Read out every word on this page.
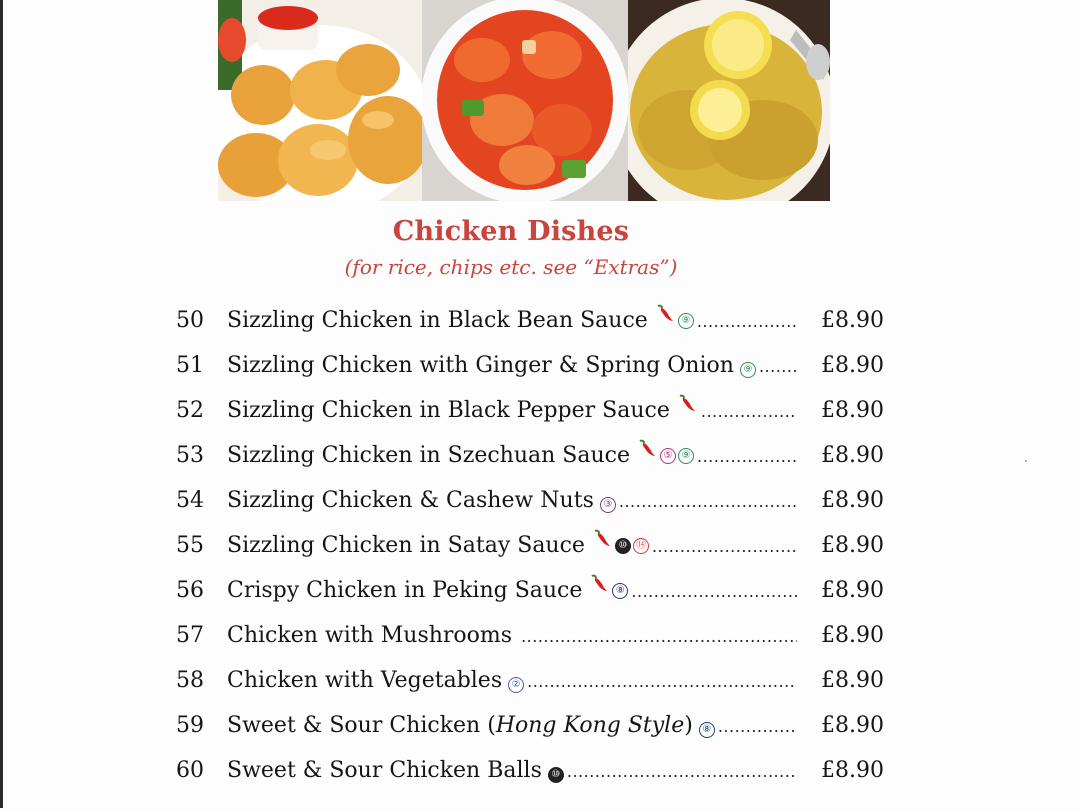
Chicken Dishes
(for rice, chips etc. see “Extras”)
50 Sizzling Chicken in Black Bean Sauce	⑨ .....	£8.90
51 Sizzling Chicken with Ginger & Spring Onion ⑨ .....	£8.90
52 Sizzling Chicken in Black Pepper Sauce .....	£8.90
53 Sizzling Chicken in Szechuan Sauce	⑤ ⑨ .....	£8.90
54 Sizzling Chicken & Cashew Nuts ③ .....	£8.90
55 Sizzling Chicken in Satay Sauce	⑩ ⑭ .....	£8.90
56 Crispy Chicken in Peking Sauce	⑧ .....	£8.90
57 Chicken with Mushrooms .....	£8.90
58 Chicken with Vegetables ② .....	£8.90
59 Sweet & Sour Chicken (Hong Kong Style) ⑧ .....	£8.90
60 Sweet & Sour Chicken Balls ⑩ .....	£8.90
